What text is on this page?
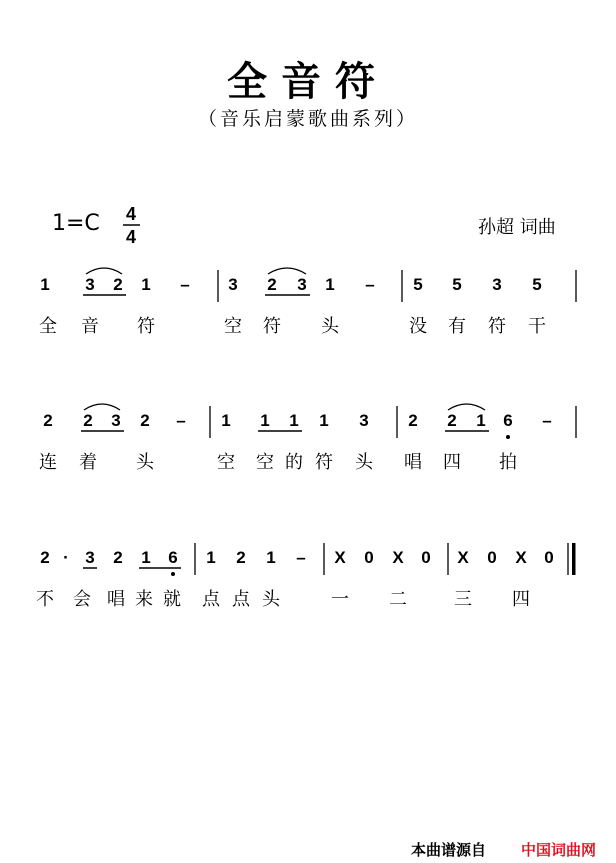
全音符
（音乐启蒙歌曲系列）
1=C 4
4
1 3 2 1 – 3 2 3 1 – 5 5 3 5
全 音 符	空 符 头	没 有 符 干
2 2 3 2 – 1 1 1 1 3 2 2 1 6 –
连 着 头	空 空 的 符 头 唱 四 拍
2 · 3 2 1 6 1 2 1 – X 0 X 0 X 0 X 0
不 会 唱 来 就 点 点 头	一 二	三 四
孙超 词曲
本曲谱源自 中国词曲网
